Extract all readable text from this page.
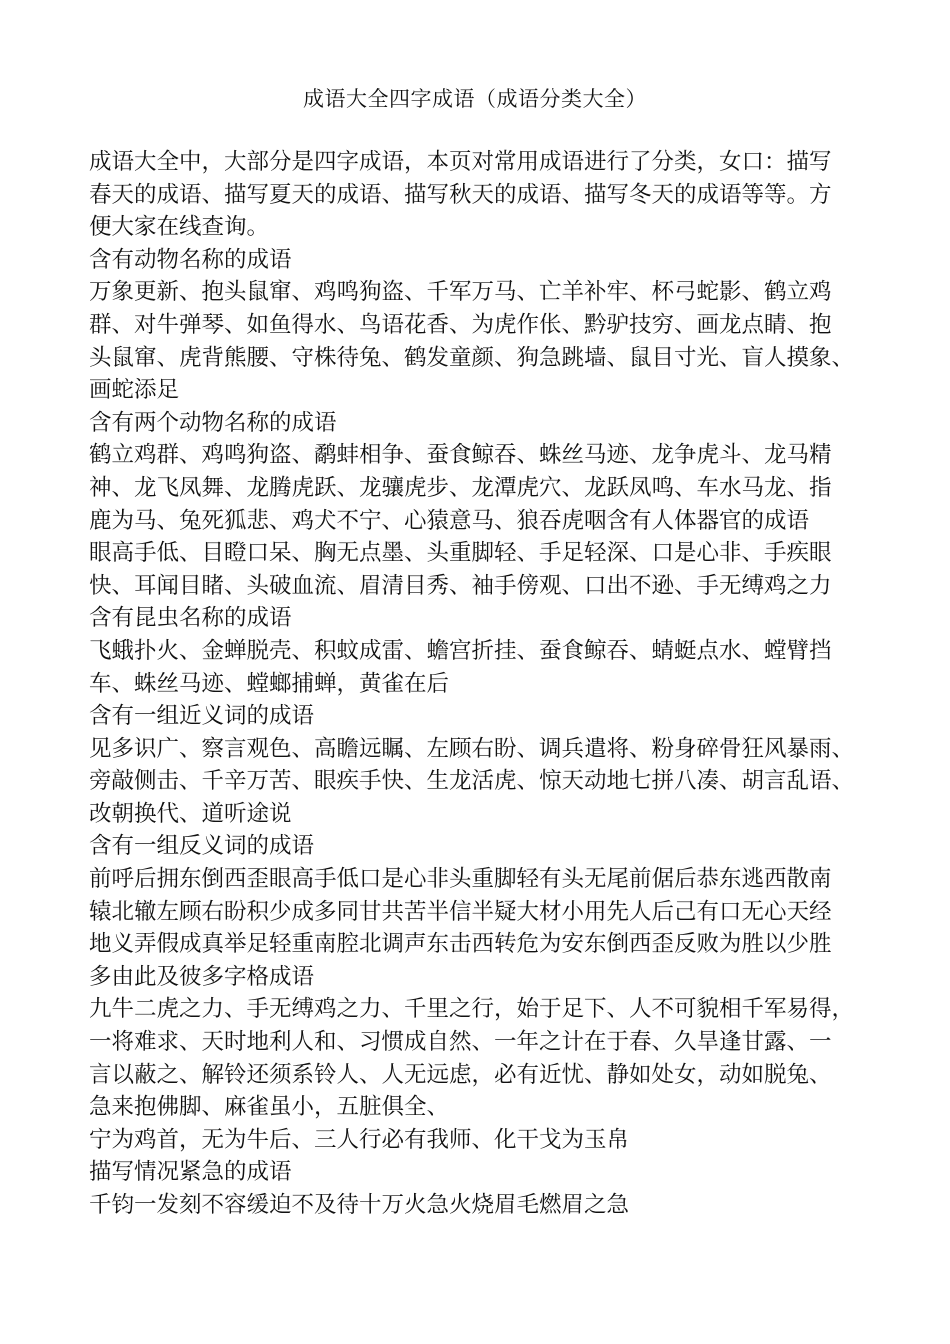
成语大全四字成语（成语分类大全）
成语大全中，大部分是四字成语，本页对常用成语进行了分类，女口：描写
春天的成语、描写夏天的成语、描写秋天的成语、描写冬天的成语等等。方
便大家在线查询。
含有动物名称的成语
万象更新、抱头鼠窜、鸡鸣狗盗、千军万马、亡羊补牢、杯弓蛇影、鹤立鸡
群、对牛弹琴、如鱼得水、鸟语花香、为虎作伥、黔驴技穷、画龙点睛、抱
头鼠窜、虎背熊腰、守株待兔、鹤发童颜、狗急跳墙、鼠目寸光、盲人摸象、
画蛇添足
含有两个动物名称的成语
鹤立鸡群、鸡鸣狗盗、鹬蚌相争、蚕食鲸吞、蛛丝马迹、龙争虎斗、龙马精
神、龙飞凤舞、龙腾虎跃、龙骧虎步、龙潭虎穴、龙跃凤鸣、车水马龙、指
鹿为马、兔死狐悲、鸡犬不宁、心猿意马、狼吞虎咽含有人体器官的成语
眼高手低、目瞪口呆、胸无点墨、头重脚轻、手足轻深、口是心非、手疾眼
快、耳闻目睹、头破血流、眉清目秀、袖手傍观、口出不逊、手无缚鸡之力
含有昆虫名称的成语
飞蛾扑火、金蝉脱壳、积蚊成雷、蟾宫折挂、蚕食鲸吞、蜻蜓点水、螳臂挡
车、蛛丝马迹、螳螂捕蝉，黄雀在后
含有一组近义词的成语
见多识广、察言观色、高瞻远瞩、左顾右盼、调兵遣将、粉身碎骨狂风暴雨、
旁敲侧击、千辛万苦、眼疾手快、生龙活虎、惊天动地七拼八凑、胡言乱语、
改朝换代、道听途说
含有一组反义词的成语
前呼后拥东倒西歪眼高手低口是心非头重脚轻有头无尾前倨后恭东逃西散南
辕北辙左顾右盼积少成多同甘共苦半信半疑大材小用先人后己有口无心天经
地义弄假成真举足轻重南腔北调声东击西转危为安东倒西歪反败为胜以少胜
多由此及彼多字格成语
九牛二虎之力、手无缚鸡之力、千里之行，始于足下、人不可貌相千军易得，
一将难求、天时地利人和、习惯成自然、一年之计在于春、久旱逢甘露、一
言以蔽之、解铃还须系铃人、人无远虑，必有近忧、静如处女，动如脱兔、
急来抱佛脚、麻雀虽小，五脏俱全、
宁为鸡首，无为牛后、三人行必有我师、化干戈为玉帛
描写情况紧急的成语
千钧一发刻不容缓迫不及待十万火急火烧眉毛燃眉之急
